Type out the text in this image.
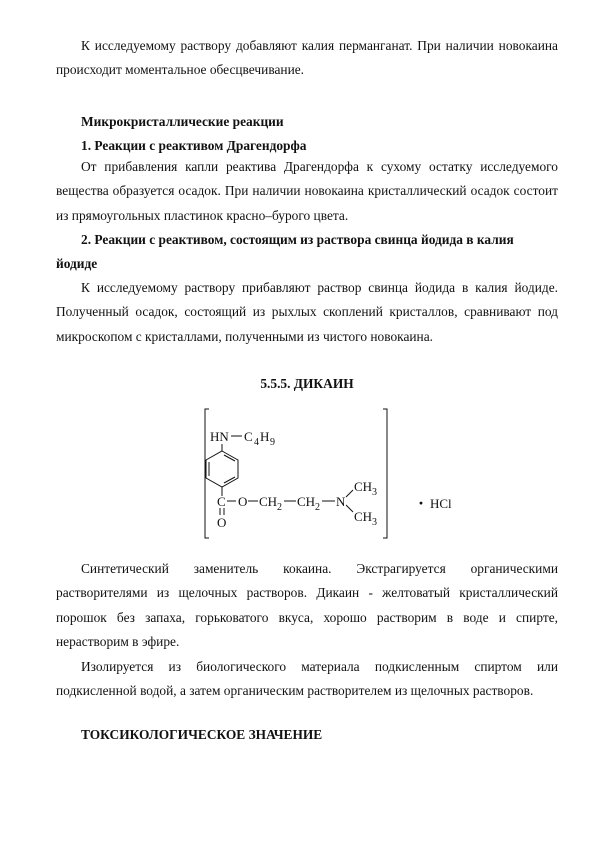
К исследуемому раствору добавляют калия перманганат. При наличии новокаина происходит моментальное обесцвечивание.

Микрокристаллические реакции
1. Реакции с реактивом Драгендорфа

От прибавления капли реактива Драгендорфа к сухому остатку исследуемого вещества образуется осадок. При наличии новокаина кристаллический осадок состоит из прямоугольных пластинок красно–бурого цвета.

2. Реакции с реактивом, состоящим из раствора свинца йодида в калия йодиде

К исследуемому раствору прибавляют раствор свинца йодида в калия йодиде. Полученный осадок, состоящий из рыхлых скоплений кристаллов, сравнивают под микроскопом с кристаллами, полученными из чистого новокаина.

5.5.5. ДИКАИН
HN C 4 H 9
C O CH 2 CH 2 N
CH 3
CH 3
O
· HCl

Синтетический заменитель кокаина. Экстрагируется органическими растворителями из щелочных растворов. Дикаин - желтоватый кристаллический порошок без запаха, горьковатого вкуса, хорошо растворим в воде и спирте, нерастворим в эфире.

Изолируется из биологического материала подкисленным спиртом или подкисленной водой, а затем органическим растворителем из щелочных растворов.

ТОКСИКОЛОГИЧЕСКОЕ ЗНАЧЕНИЕ
